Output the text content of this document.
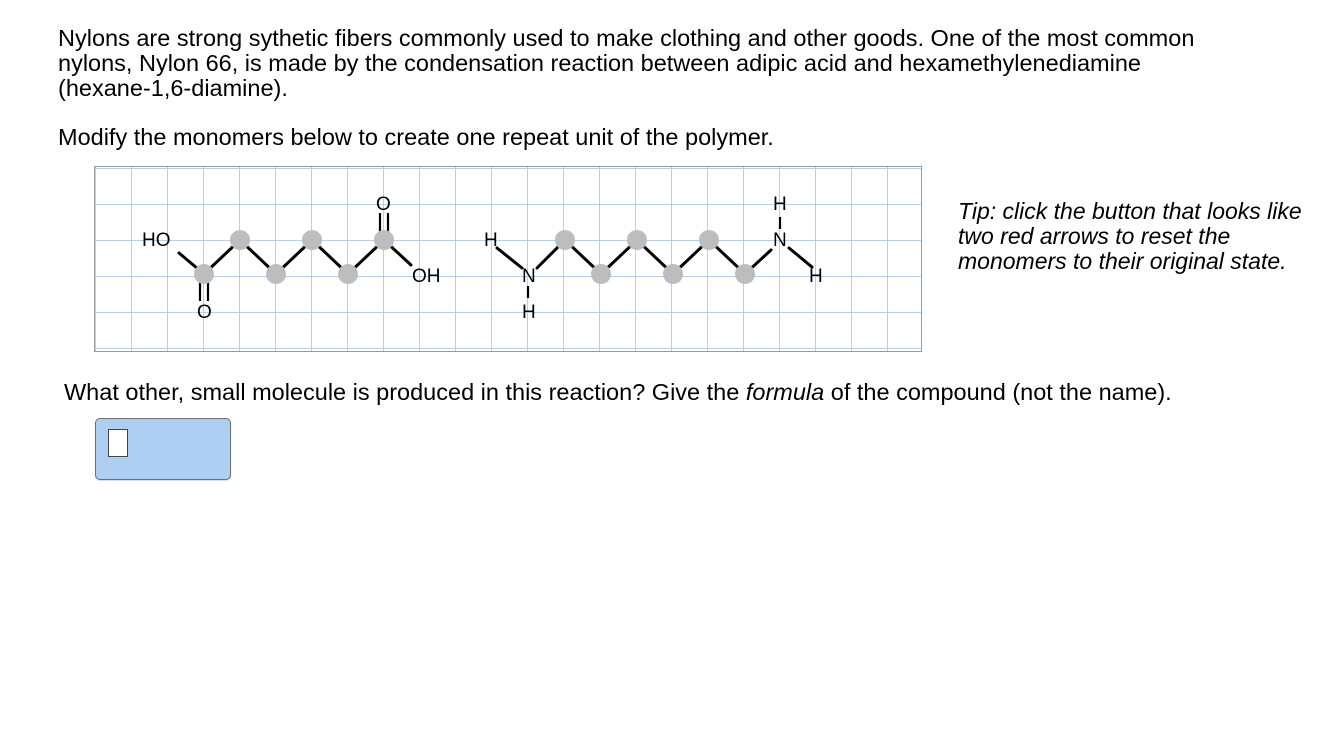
Nylons are strong sythetic fibers commonly used to make clothing and other goods. One of the most common nylons, Nylon 66, is made by the condensation reaction between adipic acid and hexamethylenediamine (hexane-1,6-diamine).

Modify the monomers below to create one repeat unit of the polymer.

HO
O
O
OH
H
N
H
H
N
H

Tip: click the button that looks like two red arrows to reset the monomers to their original state.

What other, small molecule is produced in this reaction? Give the formula of the compound (not the name).
